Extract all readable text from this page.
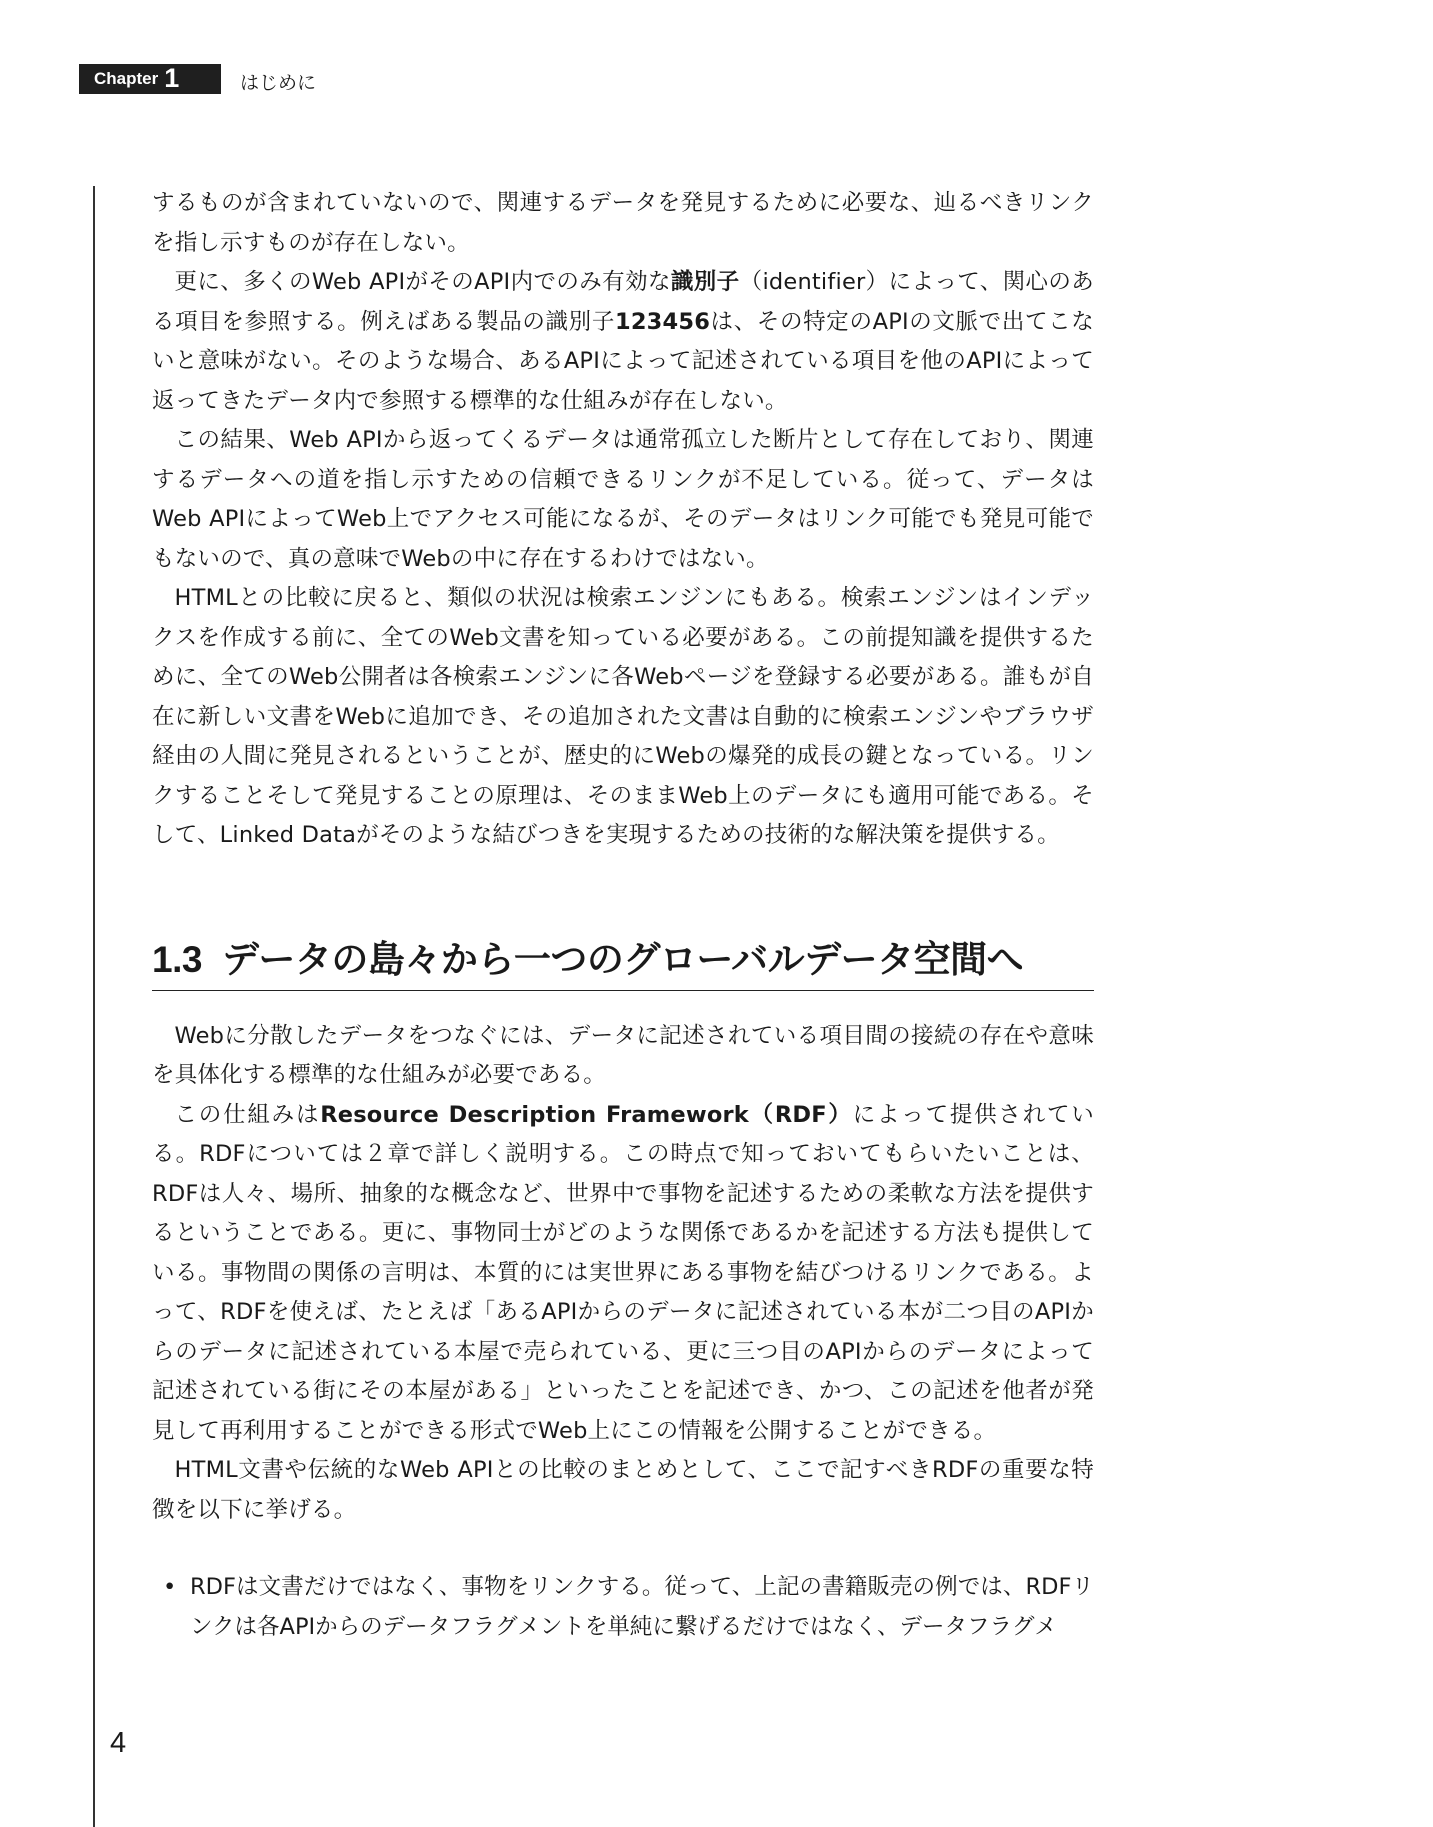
Chapter 1	はじめに

するものが含まれていないので、関連するデータを発見するために必要な、辿るべきリンクを指し示すものが存在しない。

更に、多くのWeb APIがそのAPI内でのみ有効な識別子（identifier）によって、関心のある項目を参照する。例えばある製品の識別子123456は、その特定のAPIの文脈で出てこないと意味がない。そのような場合、あるAPIによって記述されている項目を他のAPIによって返ってきたデータ内で参照する標準的な仕組みが存在しない。

この結果、Web APIから返ってくるデータは通常孤立した断片として存在しており、関連するデータへの道を指し示すための信頼できるリンクが不足している。従って、データはWeb APIによってWeb上でアクセス可能になるが、そのデータはリンク可能でも発見可能でもないので、真の意味でWebの中に存在するわけではない。

HTMLとの比較に戻ると、類似の状況は検索エンジンにもある。検索エンジンはインデックスを作成する前に、全てのWeb文書を知っている必要がある。この前提知識を提供するために、全てのWeb公開者は各検索エンジンに各Webページを登録する必要がある。誰もが自在に新しい文書をWebに追加でき、その追加された文書は自動的に検索エンジンやブラウザ経由の人間に発見されるということが、歴史的にWebの爆発的成長の鍵となっている。リンクすることそして発見することの原理は、そのままWeb上のデータにも適用可能である。そして、Linked Dataがそのような結びつきを実現するための技術的な解決策を提供する。

1.3 データの島々から一つのグローバルデータ空間へ

Webに分散したデータをつなぐには、データに記述されている項目間の接続の存在や意味を具体化する標準的な仕組みが必要である。

この仕組みはResource Description Framework（RDF）によって提供されている。RDFについては２章で詳しく説明する。この時点で知っておいてもらいたいことは、RDFは人々、場所、抽象的な概念など、世界中で事物を記述するための柔軟な方法を提供するということである。更に、事物同士がどのような関係であるかを記述する方法も提供している。事物間の関係の言明は、本質的には実世界にある事物を結びつけるリンクである。よって、RDFを使えば、たとえば「あるAPIからのデータに記述されている本が二つ目のAPIからのデータに記述されている本屋で売られている、更に三つ目のAPIからのデータによって記述されている街にその本屋がある」といったことを記述でき、かつ、この記述を他者が発見して再利用することができる形式でWeb上にこの情報を公開することができる。

HTML文書や伝統的なWeb APIとの比較のまとめとして、ここで記すべきRDFの重要な特徴を以下に挙げる。

• RDFは文書だけではなく、事物をリンクする。従って、上記の書籍販売の例では、RDFリンクは各APIからのデータフラグメントを単純に繋げるだけではなく、データフラグメ
4
